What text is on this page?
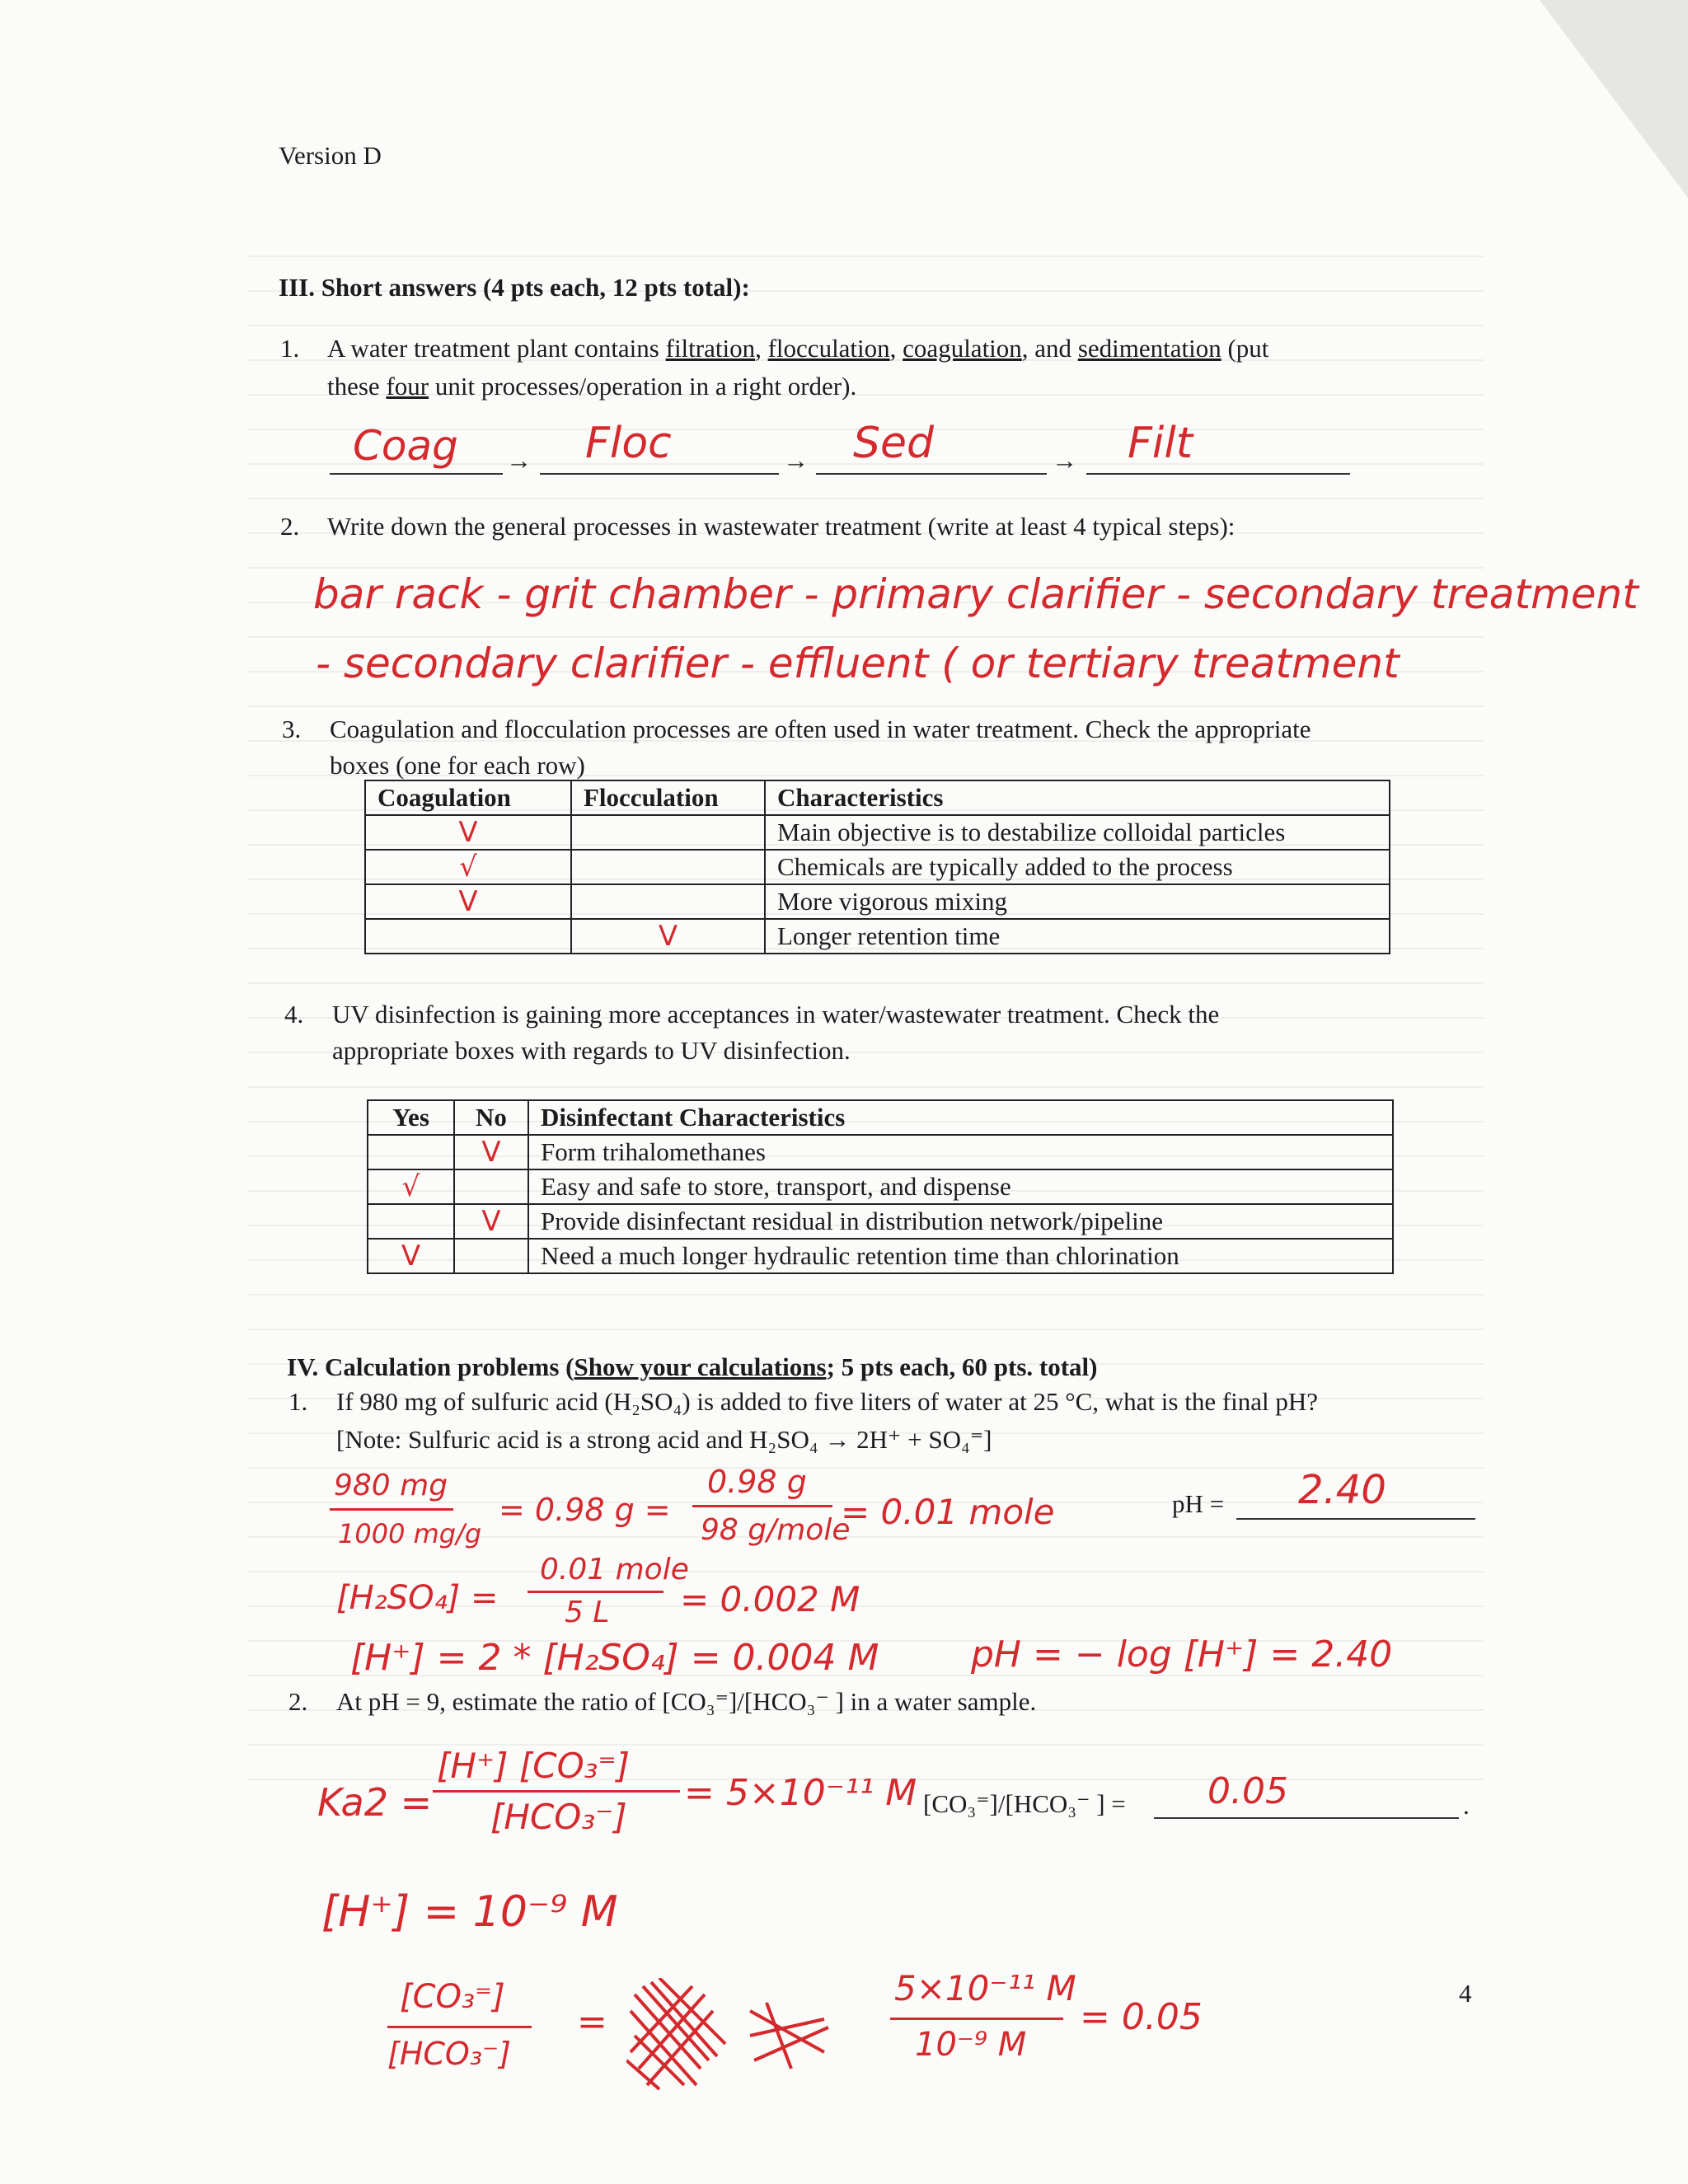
Version D
III. Short answers (4 pts each, 12 pts total):
1. A water treatment plant contains filtration, flocculation, coagulation, and sedimentation (put
these four unit processes/operation in a right order).
→	→	→
Coag	Floc	Sed	Filt
2. Write down the general processes in wastewater treatment (write at least 4 typical steps):
bar rack - grit chamber - primary clarifier - secondary treatment
- secondary clarifier - effluent ( or tertiary treatment
3. Coagulation and flocculation processes are often used in water treatment. Check the appropriate
boxes (one for each row)
Coagulation	Flocculation	Characteristics
V		Main objective is to destabilize colloidal particles
√		Chemicals are typically added to the process
V		More vigorous mixing
	V	Longer retention time
4. UV disinfection is gaining more acceptances in water/wastewater treatment. Check the
appropriate boxes with regards to UV disinfection.
Yes	No	Disinfectant Characteristics
	V	Form trihalomethanes
√		Easy and safe to store, transport, and dispense
	V	Provide disinfectant residual in distribution network/pipeline
V		Need a much longer hydraulic retention time than chlorination
IV. Calculation problems (Show your calculations; 5 pts each, 60 pts. total)
1. If 980 mg of sulfuric acid (H₂SO₄) is added to five liters of water at 25 °C, what is the final pH?
[Note: Sulfuric acid is a strong acid and H₂SO₄ → 2H⁺ + SO₄⁼]
980 mg
1000 mg/g
= 0.98 g =
0.98 g
98 g/mole
= 0.01 mole	pH = 2.40
[H₂SO₄] =
0.01 mole
5 L = 0.002 M
[H⁺] = 2 * [H₂SO₄] = 0.004 M	pH = − log [H⁺] = 2.40
2. At pH = 9, estimate the ratio of [CO₃⁼]/[HCO₃⁻ ] in a water sample.
Ka2 =
[H⁺] [CO₃⁼]
[HCO₃⁻]
= 5×10⁻¹¹ M [CO₃⁼]/[HCO₃⁻ ] = 0.05	.
[H⁺] = 10⁻⁹ M
[CO₃⁼]
[HCO₃⁻]
=
5×10⁻¹¹ M
10⁻⁹ M
= 0.05
4
